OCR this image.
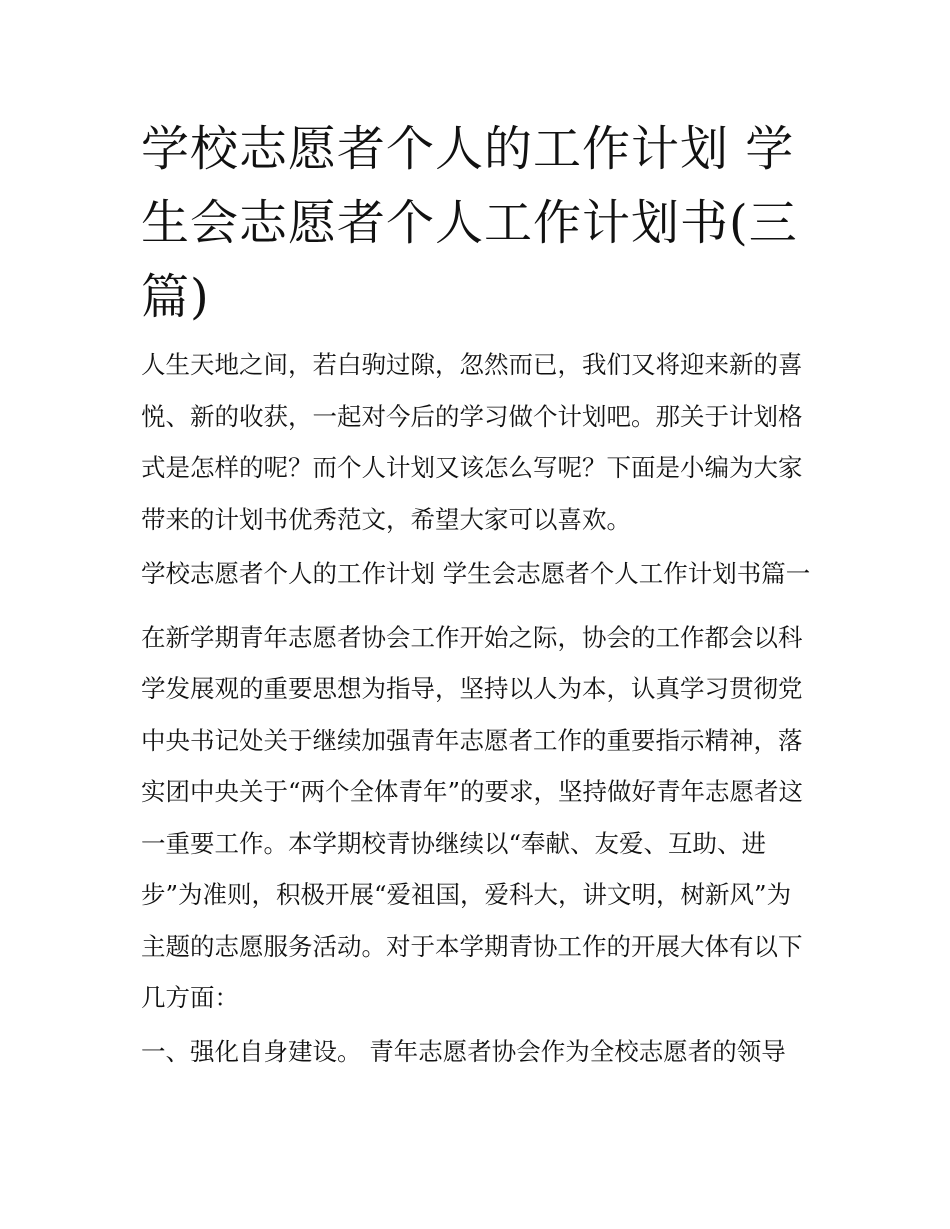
学校志愿者个人的工作计划 学生会志愿者个人工作计划书(三篇)

人生天地之间，若白驹过隙，忽然而已，我们又将迎来新的喜悦、新的收获，一起对今后的学习做个计划吧。那关于计划格式是怎样的呢？而个人计划又该怎么写呢？下面是小编为大家带来的计划书优秀范文，希望大家可以喜欢。

学校志愿者个人的工作计划 学生会志愿者个人工作计划书篇一

在新学期青年志愿者协会工作开始之际，协会的工作都会以科学发展观的重要思想为指导，坚持以人为本，认真学习贯彻党中央书记处关于继续加强青年志愿者工作的重要指示精神，落实团中央关于“两个全体青年”的要求，坚持做好青年志愿者这一重要工作。本学期校青协继续以“奉献、友爱、互助、进步”为准则，积极开展“爱祖国，爱科大，讲文明，树新风”为主题的志愿服务活动。对于本学期青协工作的开展大体有以下几方面：

一、强化自身建设。 青年志愿者协会作为全校志愿者的领导
